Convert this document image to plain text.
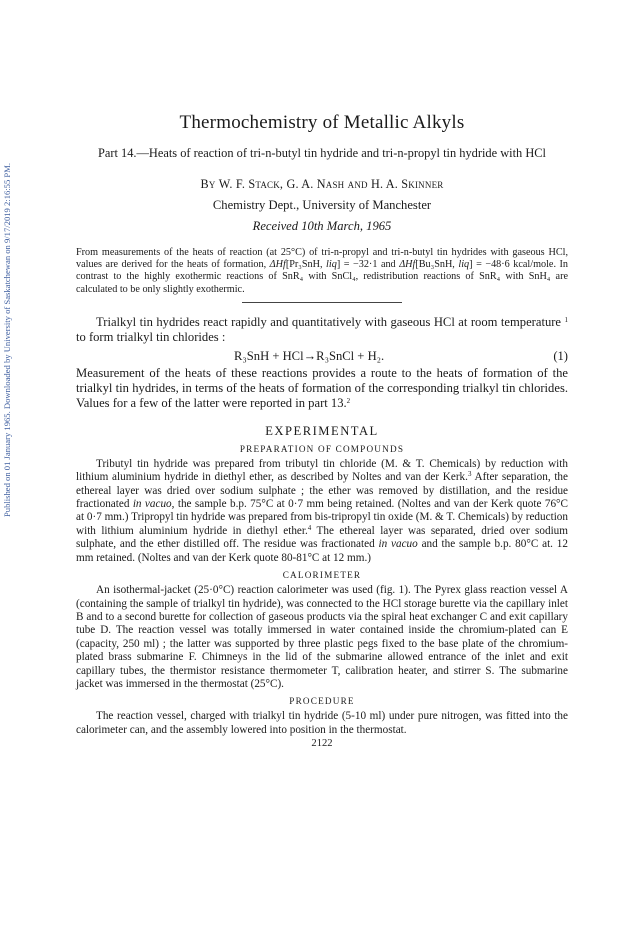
Published on 01 January 1965. Downloaded by University of Saskatchewan on 9/17/2019 2:16:55 PM.
Thermochemistry of Metallic Alkyls
Part 14.—Heats of reaction of tri-n-butyl tin hydride and tri-n-propyl tin hydride with HCl
By W. F. Stack, G. A. Nash and H. A. Skinner
Chemistry Dept., University of Manchester
Received 10th March, 1965

From measurements of the heats of reaction (at 25°C) of tri-n-propyl and tri-n-butyl tin hydrides with gaseous HCl, values are derived for the heats of formation, ΔHf[Pr₃SnH, liq] = −32·1 and ΔHf[Bu₃SnH, liq] = −48·6 kcal/mole. In contrast to the highly exothermic reactions of SnR₄ with SnCl₄, redistribution reactions of SnR₄ with SnH₄ are calculated to be only slightly exothermic.

Trialkyl tin hydrides react rapidly and quantitatively with gaseous HCl at room temperature $^1$ to form trialkyl tin chlorides :

R₃SnH + HCl→R₃SnCl + H₂.	(1)

Measurement of the heats of these reactions provides a route to the heats of formation of the trialkyl tin hydrides, in terms of the heats of formation of the corresponding trialkyl tin chlorides. Values for a few of the latter were reported in part 13.$^2$

EXPERIMENTAL
PREPARATION OF COMPOUNDS

Tributyl tin hydride was prepared from tributyl tin chloride (M. & T. Chemicals) by reduction with lithium aluminium hydride in diethyl ether, as described by Noltes and van der Kerk.$^3$ After separation, the ethereal layer was dried over sodium sulphate ; the ether was removed by distillation, and the residue fractionated in vacuo, the sample b.p. 75°C at 0·7 mm being retained. (Noltes and van der Kerk quote 76°C at 0·7 mm.) Tripropyl tin hydride was prepared from bis-tripropyl tin oxide (M. & T. Chemicals) by reduction with lithium aluminium hydride in diethyl ether.$^4$ The ethereal layer was separated, dried over sodium sulphate, and the ether distilled off. The residue was fractionated in vacuo and the sample b.p. 80°C at. 12 mm retained. (Noltes and van der Kerk quote 80-81°C at 12 mm.)

CALORIMETER

An isothermal-jacket (25·0°C) reaction calorimeter was used (fig. 1). The Pyrex glass reaction vessel A (containing the sample of trialkyl tin hydride), was connected to the HCl storage burette via the capillary inlet B and to a second burette for collection of gaseous products via the spiral heat exchanger C and exit capillary tube D. The reaction vessel was totally immersed in water contained inside the chromium-plated can E (capacity, 250 ml) ; the latter was supported by three plastic pegs fixed to the base plate of the chromium-plated brass submarine F. Chimneys in the lid of the submarine allowed entrance of the inlet and exit capillary tubes, the thermistor resistance thermometer T, calibration heater, and stirrer S. The submarine jacket was immersed in the thermostat (25°C).

PROCEDURE

The reaction vessel, charged with trialkyl tin hydride (5-10 ml) under pure nitrogen, was fitted into the calorimeter can, and the assembly lowered into position in the thermostat.

2122
